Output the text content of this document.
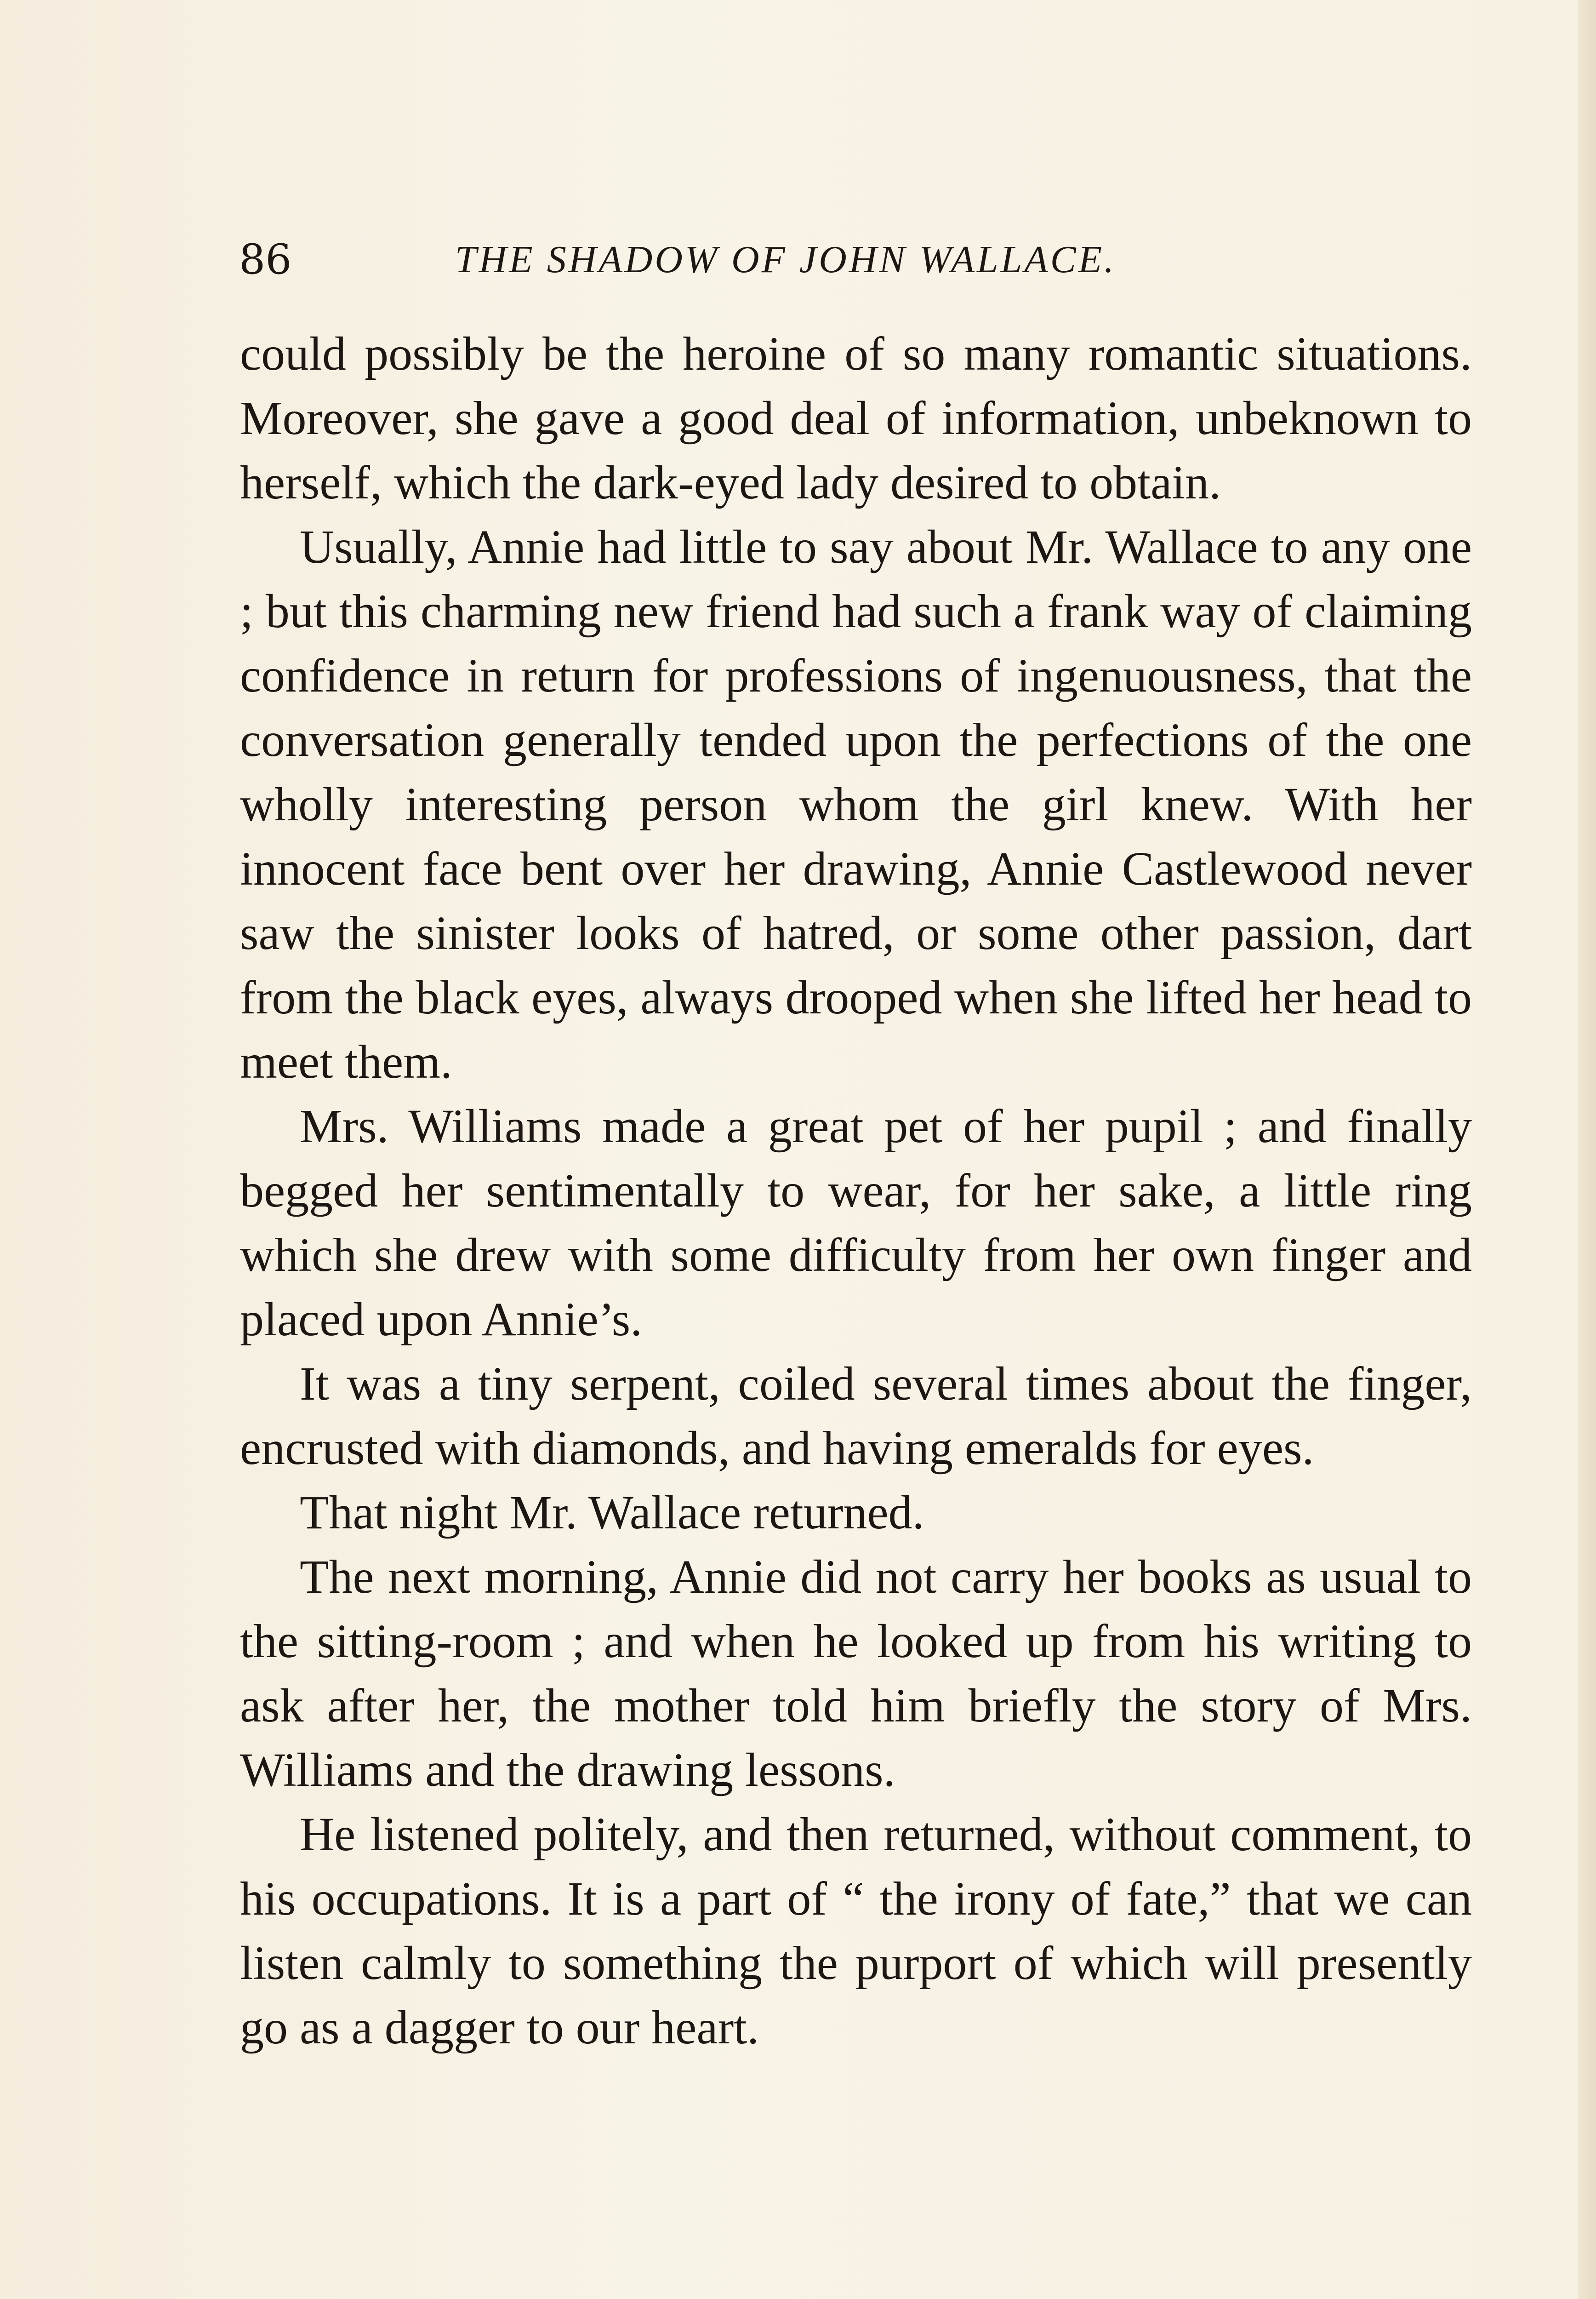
86	THE SHADOW OF JOHN WALLACE.

could possibly be the heroine of so many romantic situations. Moreover, she gave a good deal of information, unbeknown to herself, which the dark-eyed lady desired to obtain.

Usually, Annie had little to say about Mr. Wallace to any one ; but this charming new friend had such a frank way of claiming confidence in return for professions of ingenuousness, that the conversation generally tended upon the perfections of the one wholly interesting person whom the girl knew. With her innocent face bent over her drawing, Annie Castlewood never saw the sinister looks of hatred, or some other passion, dart from the black eyes, always drooped when she lifted her head to meet them.

Mrs. Williams made a great pet of her pupil ; and finally begged her sentimentally to wear, for her sake, a little ring which she drew with some difficulty from her own finger and placed upon Annie’s.

It was a tiny serpent, coiled several times about the finger, encrusted with diamonds, and having emeralds for eyes.

That night Mr. Wallace returned.

The next morning, Annie did not carry her books as usual to the sitting-room ; and when he looked up from his writing to ask after her, the mother told him briefly the story of Mrs. Williams and the drawing lessons.

He listened politely, and then returned, without comment, to his occupations. It is a part of “ the irony of fate,” that we can listen calmly to something the purport of which will presently go as a dagger to our heart.
